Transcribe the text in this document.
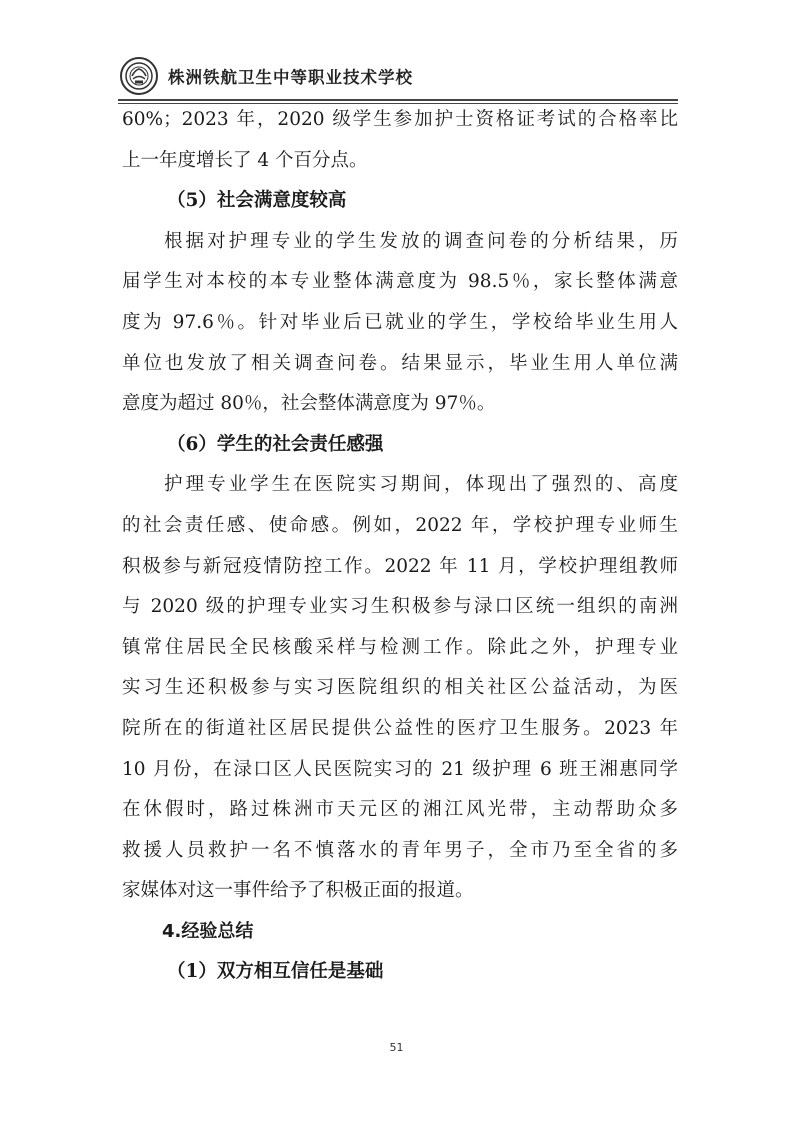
株洲铁航卫生中等职业技术学校
60%；2023 年，2020 级学生参加护士资格证考试的合格率比
上一年度增长了 4 个百分点。
（5）社会满意度较高
根据对护理专业的学生发放的调查问卷的分析结果，历
届学生对本校的本专业整体满意度为 98.5％，家长整体满意
度为 97.6％。针对毕业后已就业的学生，学校给毕业生用人
单位也发放了相关调查问卷。结果显示，毕业生用人单位满
意度为超过 80％，社会整体满意度为 97％。
（6）学生的社会责任感强
护理专业学生在医院实习期间，体现出了强烈的、高度
的社会责任感、使命感。例如，2022 年，学校护理专业师生
积极参与新冠疫情防控工作。2022 年 11 月，学校护理组教师
与 2020 级的护理专业实习生积极参与渌口区统一组织的南洲
镇常住居民全民核酸采样与检测工作。除此之外，护理专业
实习生还积极参与实习医院组织的相关社区公益活动，为医
院所在的街道社区居民提供公益性的医疗卫生服务。2023 年
10 月份，在渌口区人民医院实习的 21 级护理 6 班王湘惠同学
在休假时，路过株洲市天元区的湘江风光带，主动帮助众多
救援人员救护一名不慎落水的青年男子，全市乃至全省的多
家媒体对这一事件给予了积极正面的报道。
4.经验总结
（1）双方相互信任是基础
51
